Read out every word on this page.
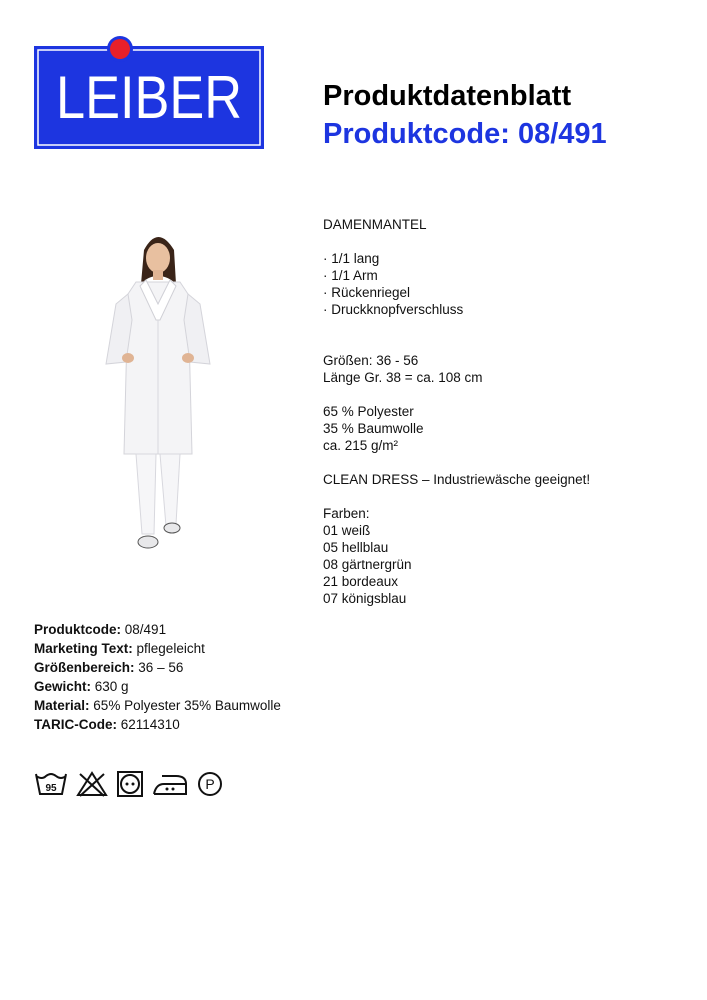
LEIBER	Produktdatenblatt
Produktcode: 08/491
DAMENMANTEL
· 1/1 lang
· 1/1 Arm
· Rückenriegel
· Druckknopfverschluss
Größen: 36 - 56
Länge Gr. 38 = ca. 108 cm
65 % Polyester
35 % Baumwolle
ca. 215 g/m²
CLEAN DRESS – Industriewäsche geeignet!
Farben:
01 weiß
05 hellblau
08 gärtnergrün
21 bordeaux
07 königsblau
Produktcode: 08/491
Marketing Text: pflegeleicht
Größenbereich: 36 – 56
Gewicht: 630 g
Material: 65% Polyester 35% Baumwolle
TARIC-Code: 62114310
95	P
